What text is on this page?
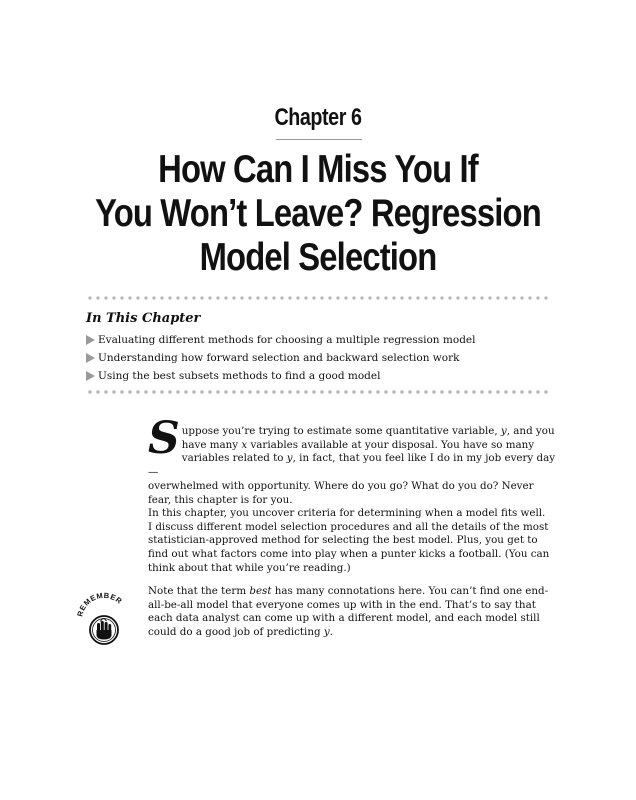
Chapter 6
How Can I Miss You If
You Won’t Leave? Regression
Model Selection
In This Chapter
Evaluating different methods for choosing a multiple regression model
Understanding how forward selection and backward selection work
Using the best subsets methods to find a good model
S uppose you’re trying to estimate some quantitative variable, y, and you
have many x variables available at your disposal. You have so many
variables related to y, in fact, that you feel like I do in my job every day —
overwhelmed with opportunity. Where do you go? What do you do? Never
fear, this chapter is for you.
In this chapter, you uncover criteria for determining when a model fits well.
I discuss different model selection procedures and all the details of the most
statistician-approved method for selecting the best model. Plus, you get to
find out what factors come into play when a punter kicks a football. (You can
think about that while you’re reading.)
REMEMBER
Note that the term best has many connotations here. You can’t find one end-
all-be-all model that everyone comes up with in the end. That’s to say that
each data analyst can come up with a different model, and each model still
could do a good job of predicting y.
